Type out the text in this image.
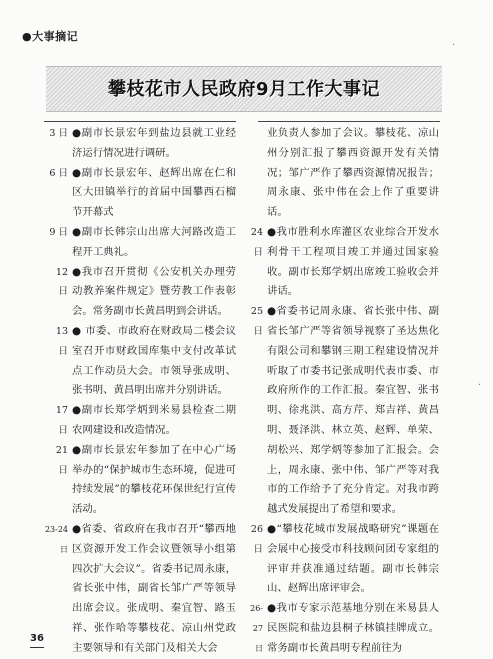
●大事摘记
攀枝花市人民政府9月工作大事记
3 日 ●副市长景宏年到盐边县就工业经济运行情况进行调研。
6 日 ●副市长景宏年、赵辉出席在仁和区大田镇举行的首届中国攀西石榴节开幕式
9 日 ●副市长韩宗山出席大河路改造工程开工典礼。
12 日
●我市召开贯彻《公安机关办理劳动教养案件规定》暨劳教工作表彰会。常务副市长黄昌明到会讲话。
13 日
● 市委、市政府在财政局二楼会议室召开市财政国库集中支付改革试点工作动员大会。市领导张成明、张书明、黄昌明出席并分别讲话。
17 日
●副市长郑学炳到米易县检查二期农网建设和改造情况。
21 日
●副市长景宏年参加了在中心广场举办的“保护城市生态环境，促进可持续发展”的攀枝花环保世纪行宣传活动。
23-24 日
●省委、省政府在我市召开“攀西地区资源开发工作会议暨领导小组第四次扩大会议”。省委书记周永康，省长张中伟，副省长邹广严等领导出席会议。张成明、秦宜智、路玉祥、张作哈等攀枝花、凉山州党政主要领导和有关部门及相关大会
业负责人参加了会议。攀枝花、凉山州分别汇报了攀西资源开发有关情况；邹广严作了攀西资源情况报告；周永康、张中伟在会上作了重要讲话。
24 日
●我市胜利水库灌区农业综合开发水利骨干工程项目竣工并通过国家验收。副市长郑学炳出席竣工验收会并讲话。
25 日
●省委书记周永康、省长张中伟、副省长邹广严等省领导视察了圣达焦化有限公司和攀钢三期工程建设情况并听取了市委书记张成明代表市委、市政府所作的工作汇报。秦宜智、张书明、徐兆洪、高方芹、郑吉祥、黄昌明、聂泽洪、林立英、赵辉、单荣、胡松兴、郑学炳等参加了汇报会。会上，周永康、张中伟、邹广严等对我市的工作给予了充分肯定。对我市跨越式发展提出了希望和要求。
26 日
●“攀枝花城市发展战略研究”课题在会展中心接受市科技顾问团专家组的评审并获准通过结题。副市长韩宗山、赵辉出席评审会。
26-27 日
●我市专家示范基地分别在米易县人民医院和盐边县桐子林镇挂牌成立。常务副市长黄昌明专程前往为
·
·
36
